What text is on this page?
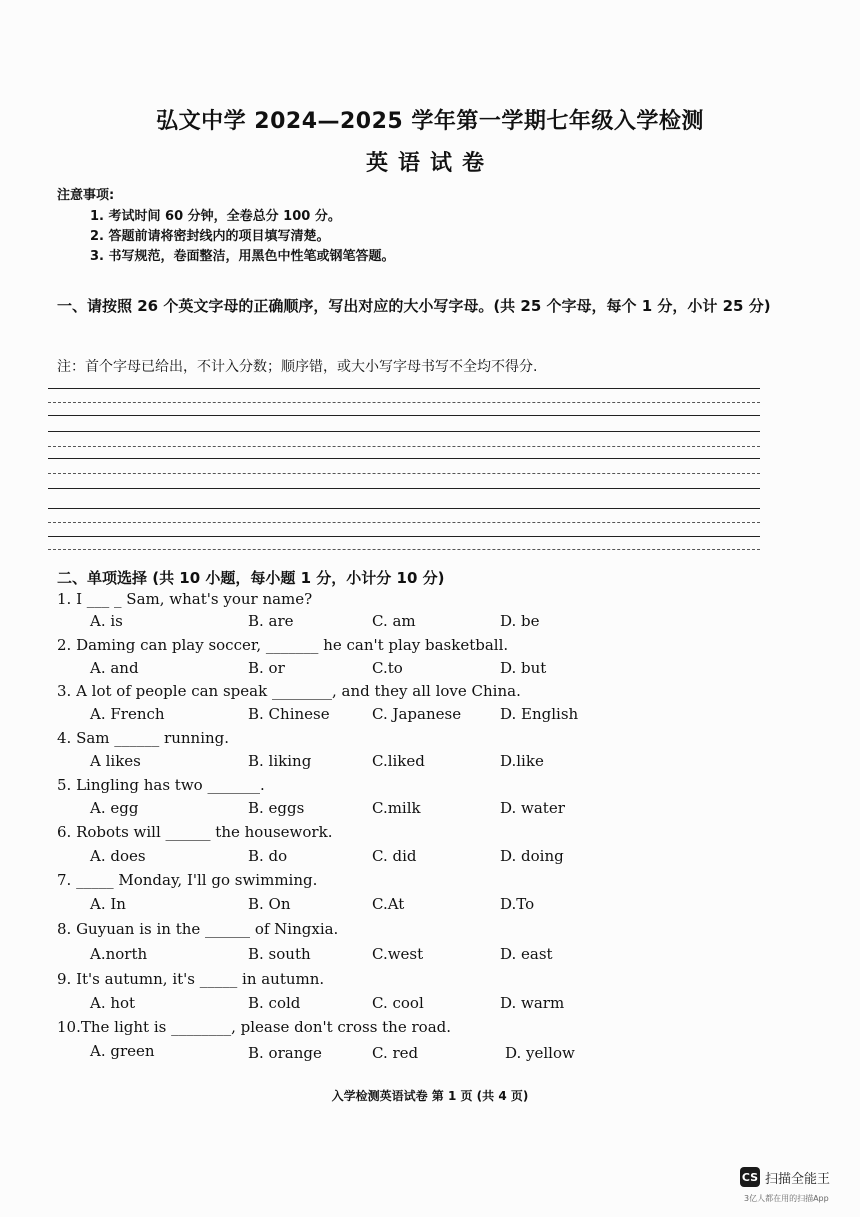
弘文中学 2024—2025 学年第一学期七年级入学检测
英语试卷
注意事项:
1. 考试时间 60 分钟，全卷总分 100 分。
2. 答题前请将密封线内的项目填写清楚。
3. 书写规范，卷面整洁，用黑色中性笔或钢笔答题。
一、请按照 26 个英文字母的正确顺序，写出对应的大小写字母。(共 25 个字母，每个 1 分，小计 25 分)
注：首个字母已给出，不计入分数；顺序错，或大小写字母书写不全均不得分.
二、单项选择 (共 10 小题，每小题 1 分，小计分 10 分)
1. I ___ _ Sam, what's your name?
A. is	B. are	C. am	D. be
2. Daming can play soccer, _______ he can't play basketball.
A. and	B. or	C.to	D. but
3. A lot of people can speak ________, and they all love China.
A. French	B. Chinese	C. Japanese	D. English
4. Sam ______ running.
A likes	B. liking	C.liked	D.like
5. Lingling has two _______.
A. egg	B. eggs	C.milk	D. water
6. Robots will ______ the housework.
A. does	B. do	C. did	D. doing
7. _____ Monday, I'll go swimming.
A. In	B. On	C.At	D.To
8. Guyuan is in the ______ of Ningxia.
A.north	B. south	C.west	D. east
9. It's autumn, it's _____ in autumn.
A. hot	B. cold	C. cool	D. warm
10.The light is ________, please don't cross the road.
A. green	B. orange	C. red	D. yellow
入学检测英语试卷 第 1 页 (共 4 页)
CS 扫描全能王
3亿人都在用的扫描App
